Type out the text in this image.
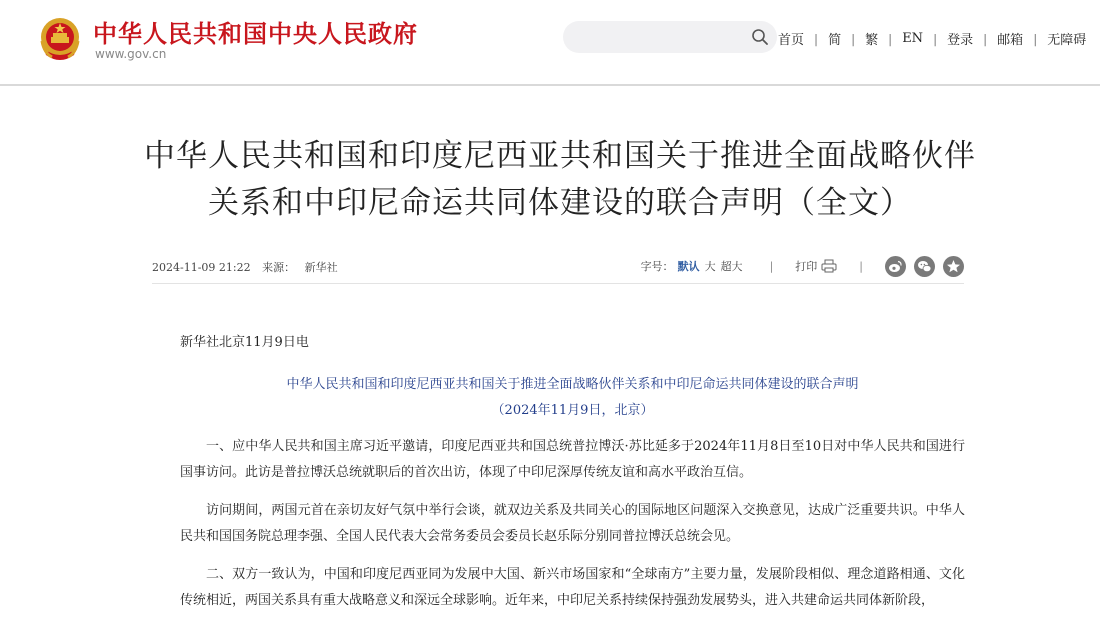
中华人民共和国中央人民政府
www.gov.cn
首页 | 简 | 繁 | EN | 登录 | 邮箱 | 无障碍
中华人民共和国和印度尼西亚共和国关于推进全面战略伙伴关系和中印尼命运共同体建设的联合声明（全文）
2024-11-09 21:22 来源： 新华社	字号： 默认 大 超大 | 打印	|
新华社北京11月9日电
中华人民共和国和印度尼西亚共和国关于推进全面战略伙伴关系和中印尼命运共同体建设的联合声明
（2024年11月9日，北京）

一、应中华人民共和国主席习近平邀请，印度尼西亚共和国总统普拉博沃·苏比延多于2024年11月8日至10日对中华人民共和国进行国事访问。此访是普拉博沃总统就职后的首次出访，体现了中印尼深厚传统友谊和高水平政治互信。

访问期间，两国元首在亲切友好气氛中举行会谈，就双边关系及共同关心的国际地区问题深入交换意见，达成广泛重要共识。中华人民共和国国务院总理李强、全国人民代表大会常务委员会委员长赵乐际分别同普拉博沃总统会见。

二、双方一致认为，中国和印度尼西亚同为发展中大国、新兴市场国家和“全球南方”主要力量，发展阶段相似、理念道路相通、文化传统相近，两国关系具有重大战略意义和深远全球影响。近年来，中印尼关系持续保持强劲发展势头，进入共建命运共同体新阶段，
